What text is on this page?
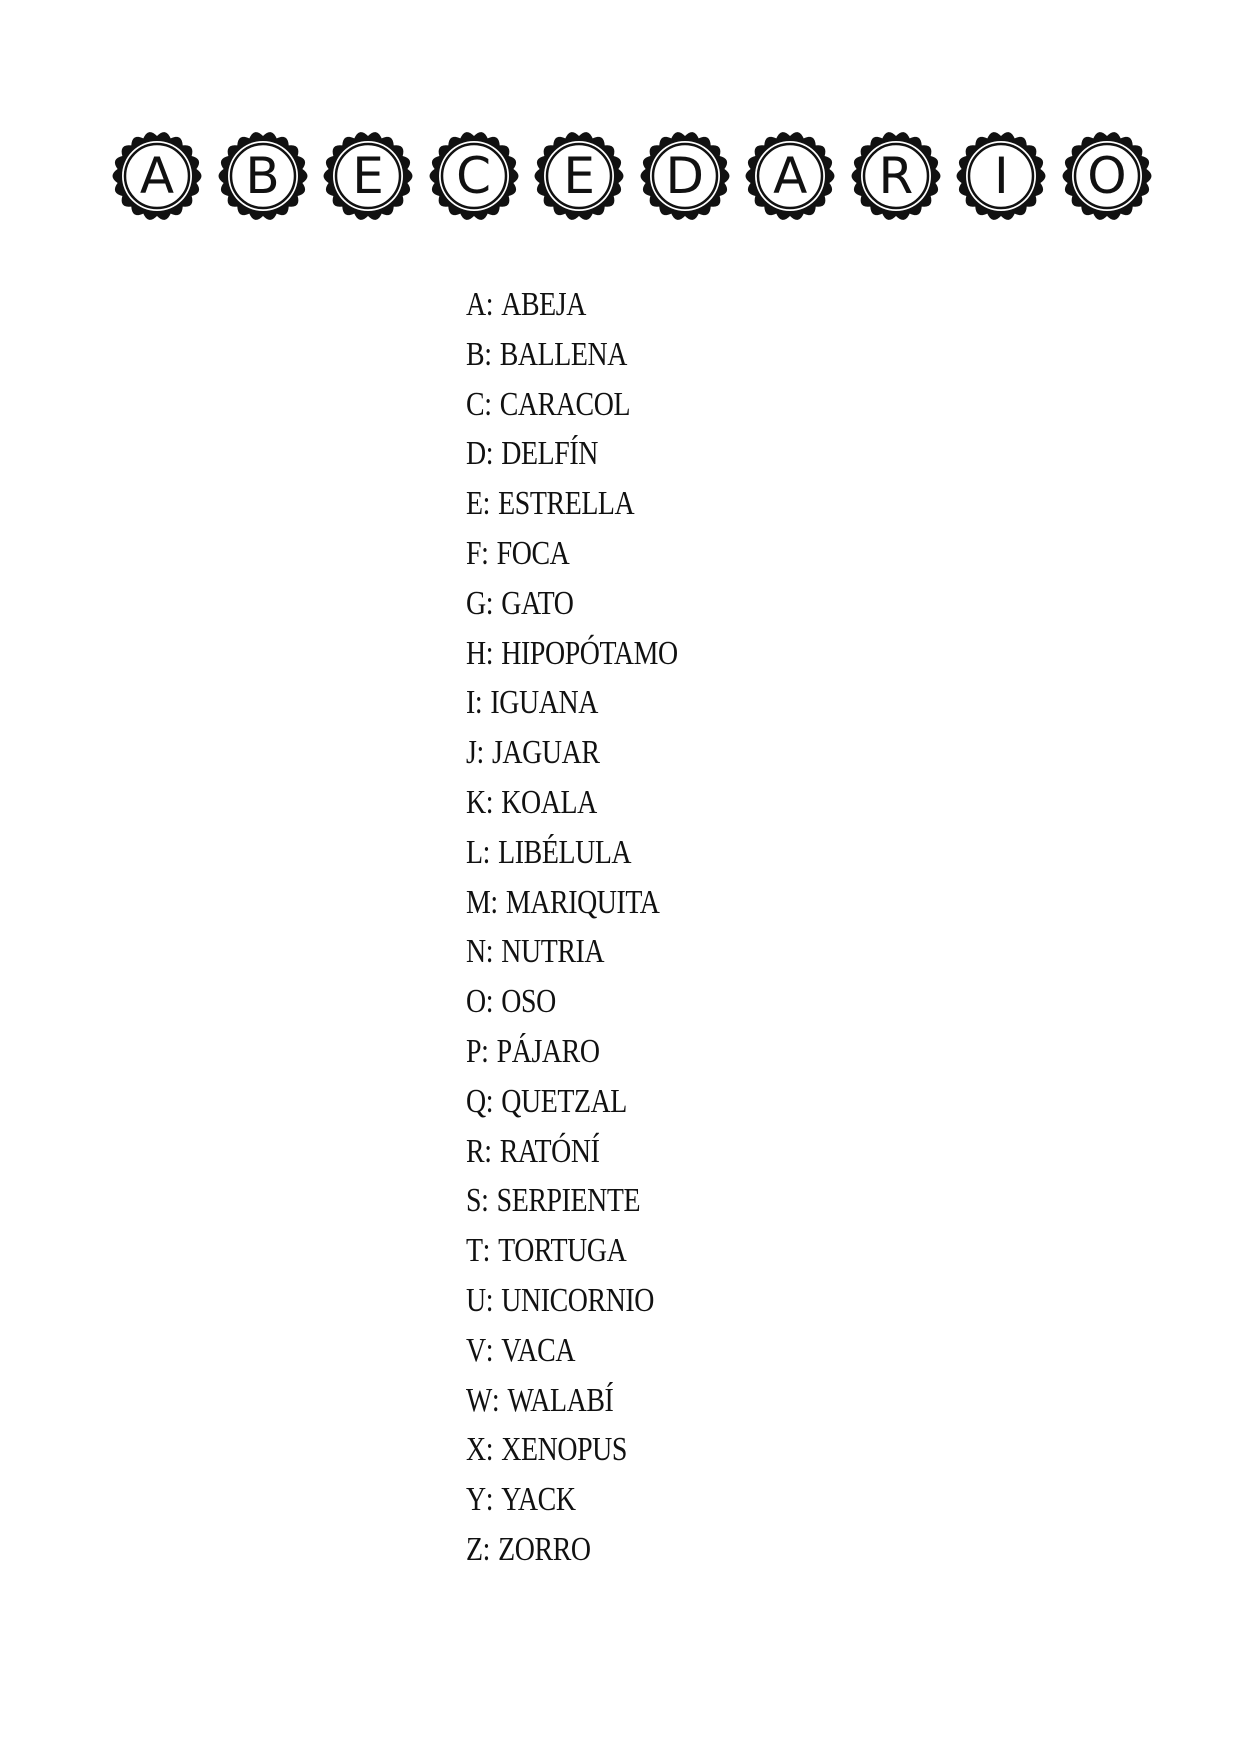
A	B	E	C	E	D	A	R	I	O
A: ABEJA
B: BALLENA
C: CARACOL
D: DELFÍN
E: ESTRELLA
F: FOCA
G: GATO
H: HIPOPÓTAMO
I: IGUANA
J: JAGUAR
K: KOALA
L: LIBÉLULA
M: MARIQUITA
N: NUTRIA
O: OSO
P: PÁJARO
Q: QUETZAL
R: RATÓNÍ
S: SERPIENTE
T: TORTUGA
U: UNICORNIO
V: VACA
W: WALABÍ
X: XENOPUS
Y: YACK
Z: ZORRO
